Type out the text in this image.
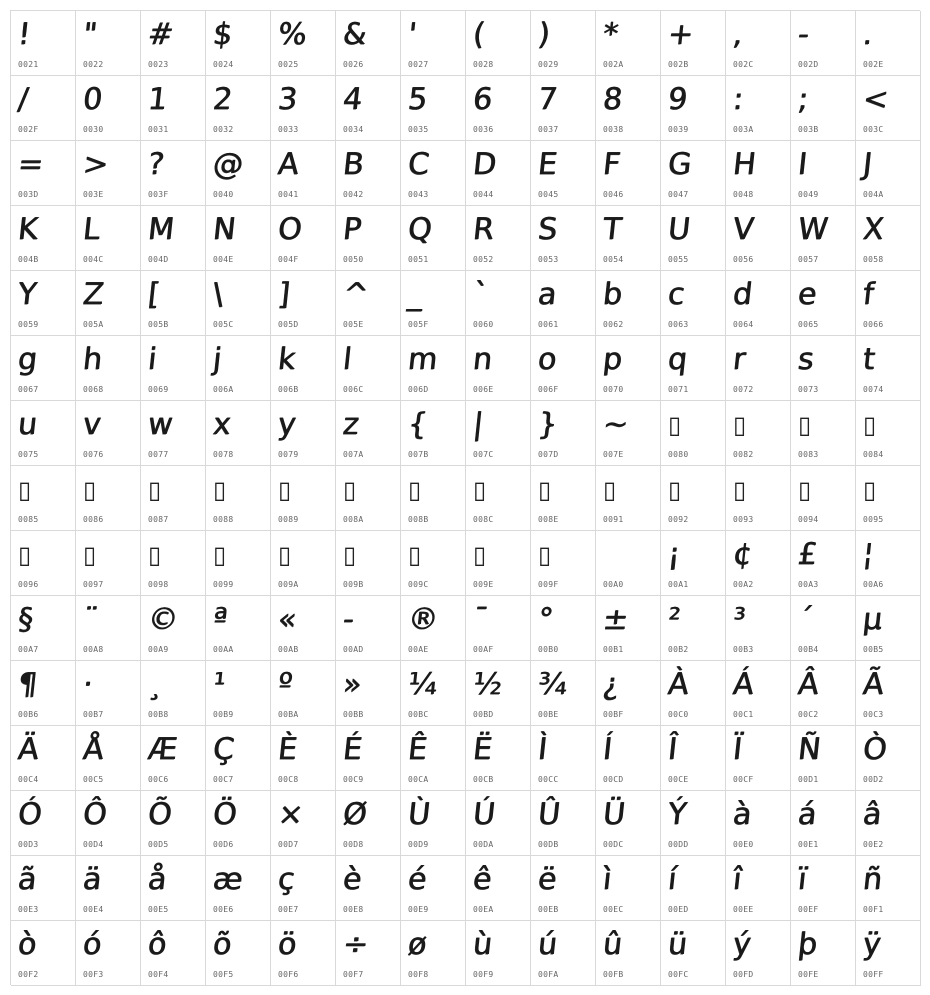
!
0021
"
0022
#
0023
$
0024
%
0025
&
0026
'
0027
(
0028
)
0029
*
002A
+
002B
,
002C
-
002D
.
002E
/
002F
0
0030
1
0031
2
0032
3
0033
4
0034
5
0035
6
0036
7
0037
8
0038
9
0039
:
003A
;
003B
<
003C
=
003D
>
003E
?
003F
@
0040
A
0041
B
0042
C
0043
D
0044
E
0045
F
0046
G
0047
H
0048
I
0049
J
004A
K
004B
L
004C
M
004D
N
004E
O
004F
P
0050
Q
0051
R
0052
S
0053
T
0054
U
0055
V
0056
W
0057
X
0058
Y
0059
Z
005A
[
005B
\
005C
]
005D
^
005E
_
005F
`
0060
a
0061
b
0062
c
0063
d
0064
e
0065
f
0066
g
0067
h
0068
i
0069
j
006A
k
006B
l
006C
m
006D
n
006E
o
006F
p
0070
q
0071
r
0072
s
0073
t
0074
u
0075
v
0076
w
0077
x
0078
y
0079
z
007A
{
007B
|
007C
}
007D
~
007E
▯
0080
▯
0082
▯
0083
▯
0084
▯
0085
▯
0086
▯
0087
▯
0088
▯
0089
▯
008A
▯
008B
▯
008C
▯
008E
▯
0091
▯
0092
▯
0093
▯
0094
▯
0095
▯
0096
▯
0097
▯
0098
▯
0099
▯
009A
▯
009B
▯
009C
▯
009E
▯
009F	00A0
¡
00A1
¢
00A2
£
00A3
¦
00A6
§
00A7
¨
00A8
©
00A9
ª
00AA
«
00AB
-
00AD
®
00AE
¯
00AF
°
00B0
±
00B1
²
00B2
³
00B3
´
00B4
µ
00B5
¶
00B6
·
00B7
¸
00B8
¹
00B9
º
00BA
»
00BB
¼
00BC
½
00BD
¾
00BE
¿
00BF
À
00C0
Á
00C1
Â
00C2
Ã
00C3
Ä
00C4
Å
00C5
Æ
00C6
Ç
00C7
È
00C8
É
00C9
Ê
00CA
Ë
00CB
Ì
00CC
Í
00CD
Î
00CE
Ï
00CF
Ñ
00D1
Ò
00D2
Ó
00D3
Ô
00D4
Õ
00D5
Ö
00D6
×
00D7
Ø
00D8
Ù
00D9
Ú
00DA
Û
00DB
Ü
00DC
Ý
00DD
à
00E0
á
00E1
â
00E2
ã
00E3
ä
00E4
å
00E5
æ
00E6
ç
00E7
è
00E8
é
00E9
ê
00EA
ë
00EB
ì
00EC
í
00ED
î
00EE
ï
00EF
ñ
00F1
ò
00F2
ó
00F3
ô
00F4
õ
00F5
ö
00F6
÷
00F7
ø
00F8
ù
00F9
ú
00FA
û
00FB
ü
00FC
ý
00FD
þ
00FE
ÿ
00FF
